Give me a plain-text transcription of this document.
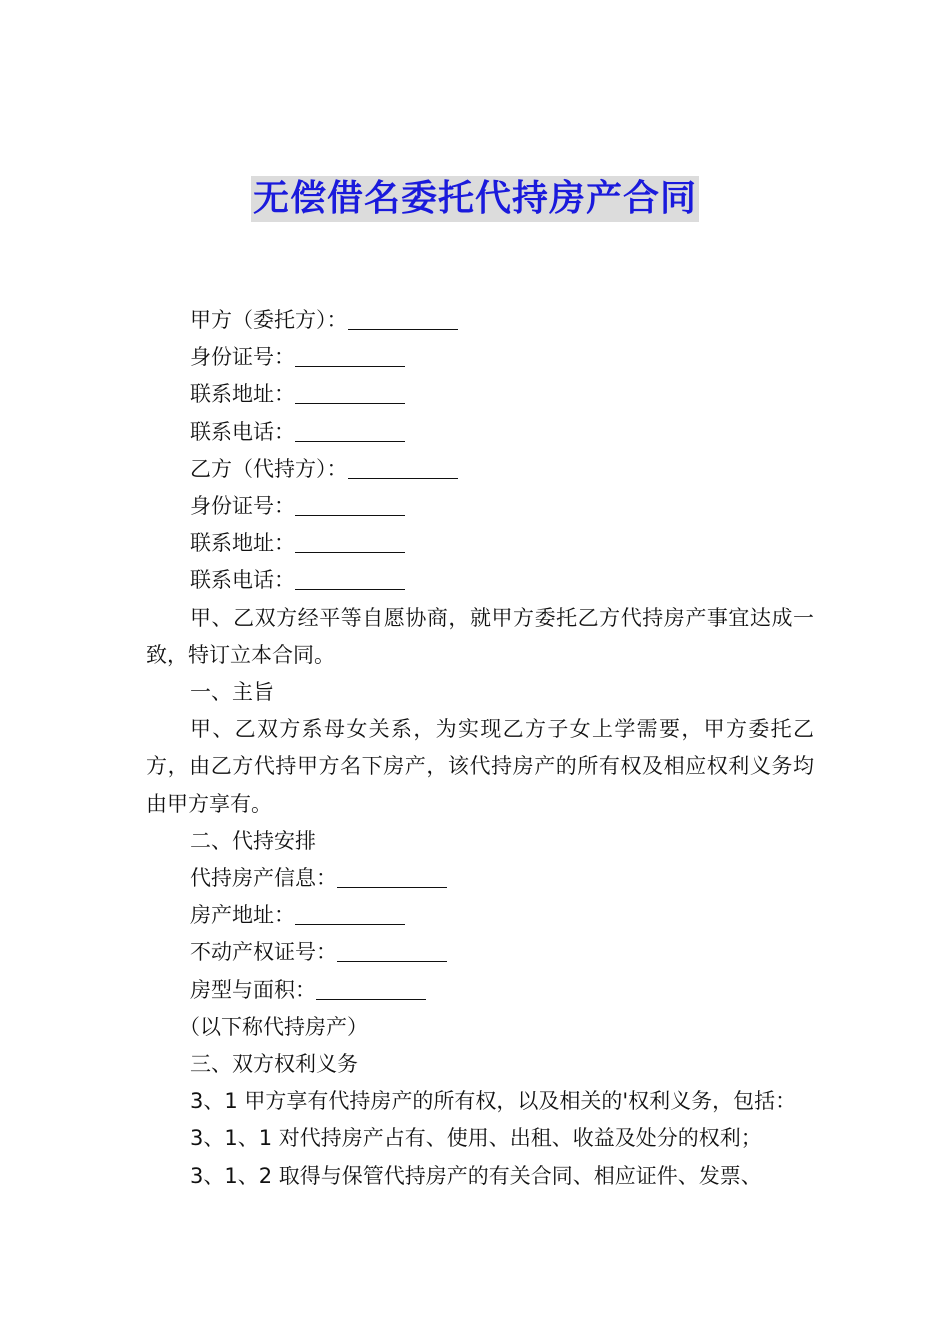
无偿借名委托代持房产合同
甲方（委托方）：
身份证号：
联系地址：
联系电话：
乙方（代持方）：
身份证号：
联系地址：
联系电话：
甲、乙双方经平等自愿协商，就甲方委托乙方代持房产事宜达成一致，特订立本合同。
一、主旨
甲、乙双方系母女关系，为实现乙方子女上学需要，甲方委托乙方，由乙方代持甲方名下房产，该代持房产的所有权及相应权利义务均由甲方享有。
二、代持安排
代持房产信息：
房产地址：
不动产权证号：
房型与面积：
（以下称代持房产）
三、双方权利义务
3、1 甲方享有代持房产的所有权，以及相关的'权利义务，包括：
3、1、1 对代持房产占有、使用、出租、收益及处分的权利；
3、1、2 取得与保管代持房产的有关合同、相应证件、发票、
